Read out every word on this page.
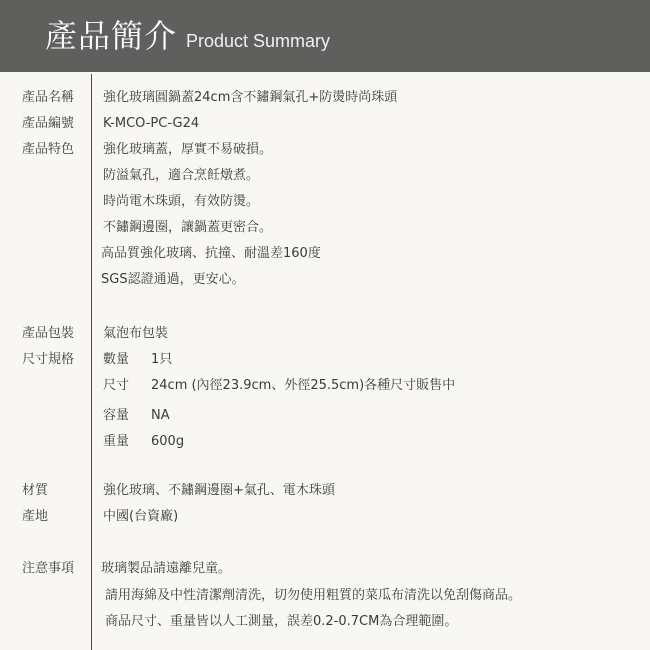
產品簡介 Product Summary
產品名稱 強化玻璃圓鍋蓋24cm含不鏽鋼氣孔+防燙時尚珠頭
產品編號 K-MCO-PC-G24
產品特色 強化玻璃蓋，厚實不易破損。
防溢氣孔，適合烹飪燉煮。
時尚電木珠頭，有效防燙。
不鏽鋼邊圈，讓鍋蓋更密合。
高品質強化玻璃、抗撞、耐溫差160度
SGS認證通過，更安心。
產品包裝 氣泡布包裝
尺寸規格 數量 1只
尺寸 24cm (內徑23.9cm、外徑25.5cm)各種尺寸販售中
容量 NA
重量 600g
材質	強化玻璃、不鏽鋼邊圈+氣孔、電木珠頭
產地	中國(台資廠)
注意事項 玻璃製品請遠離兒童。
請用海綿及中性清潔劑清洗，切勿使用粗質的菜瓜布清洗以免刮傷商品。
商品尺寸、重量皆以人工測量，誤差0.2-0.7CM為合理範圍。
